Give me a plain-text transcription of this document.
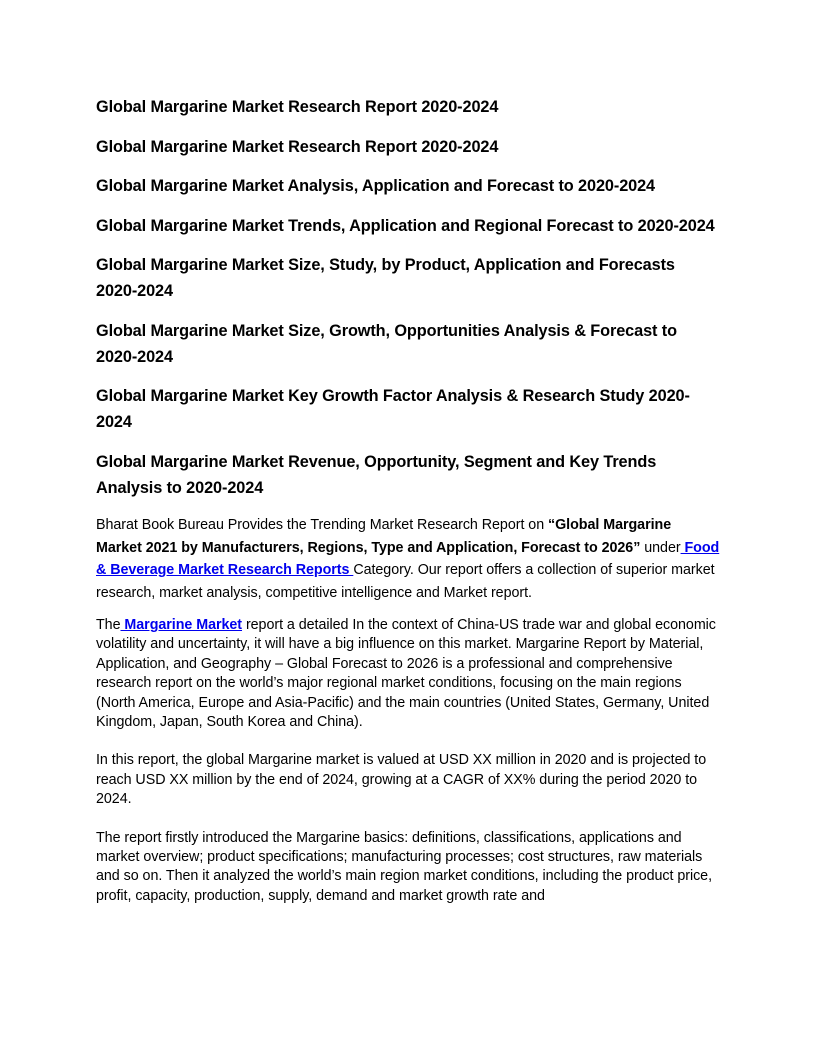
Global Margarine Market Research Report 2020-2024

Global Margarine Market Research Report 2020-2024

Global Margarine Market Analysis, Application and Forecast to 2020-2024

Global Margarine Market Trends, Application and Regional Forecast to 2020-2024

Global Margarine Market Size, Study, by Product, Application and Forecasts 2020-2024

Global Margarine Market Size, Growth, Opportunities Analysis & Forecast to 2020-2024

Global Margarine Market Key Growth Factor Analysis & Research Study 2020-2024

Global Margarine Market Revenue, Opportunity, Segment and Key Trends Analysis to 2020-2024

Bharat Book Bureau Provides the Trending Market Research Report on “Global Margarine Market 2021 by Manufacturers, Regions, Type and Application, Forecast to 2026” under Food & Beverage Market Research Reports Category. Our report offers a collection of superior market research, market analysis, competitive intelligence and Market report.

The Margarine Market report a detailed In the context of China-US trade war and global economic volatility and uncertainty, it will have a big influence on this market. Margarine Report by Material, Application, and Geography – Global Forecast to 2026 is a professional and comprehensive research report on the world’s major regional market conditions, focusing on the main regions (North America, Europe and Asia-Pacific) and the main countries (United States, Germany, United Kingdom, Japan, South Korea and China).

In this report, the global Margarine market is valued at USD XX million in 2020 and is projected to reach USD XX million by the end of 2024, growing at a CAGR of XX% during the period 2020 to 2024.

The report firstly introduced the Margarine basics: definitions, classifications, applications and market overview; product specifications; manufacturing processes; cost structures, raw materials and so on. Then it analyzed the world’s main region market conditions, including the product price, profit, capacity, production, supply, demand and market growth rate and
